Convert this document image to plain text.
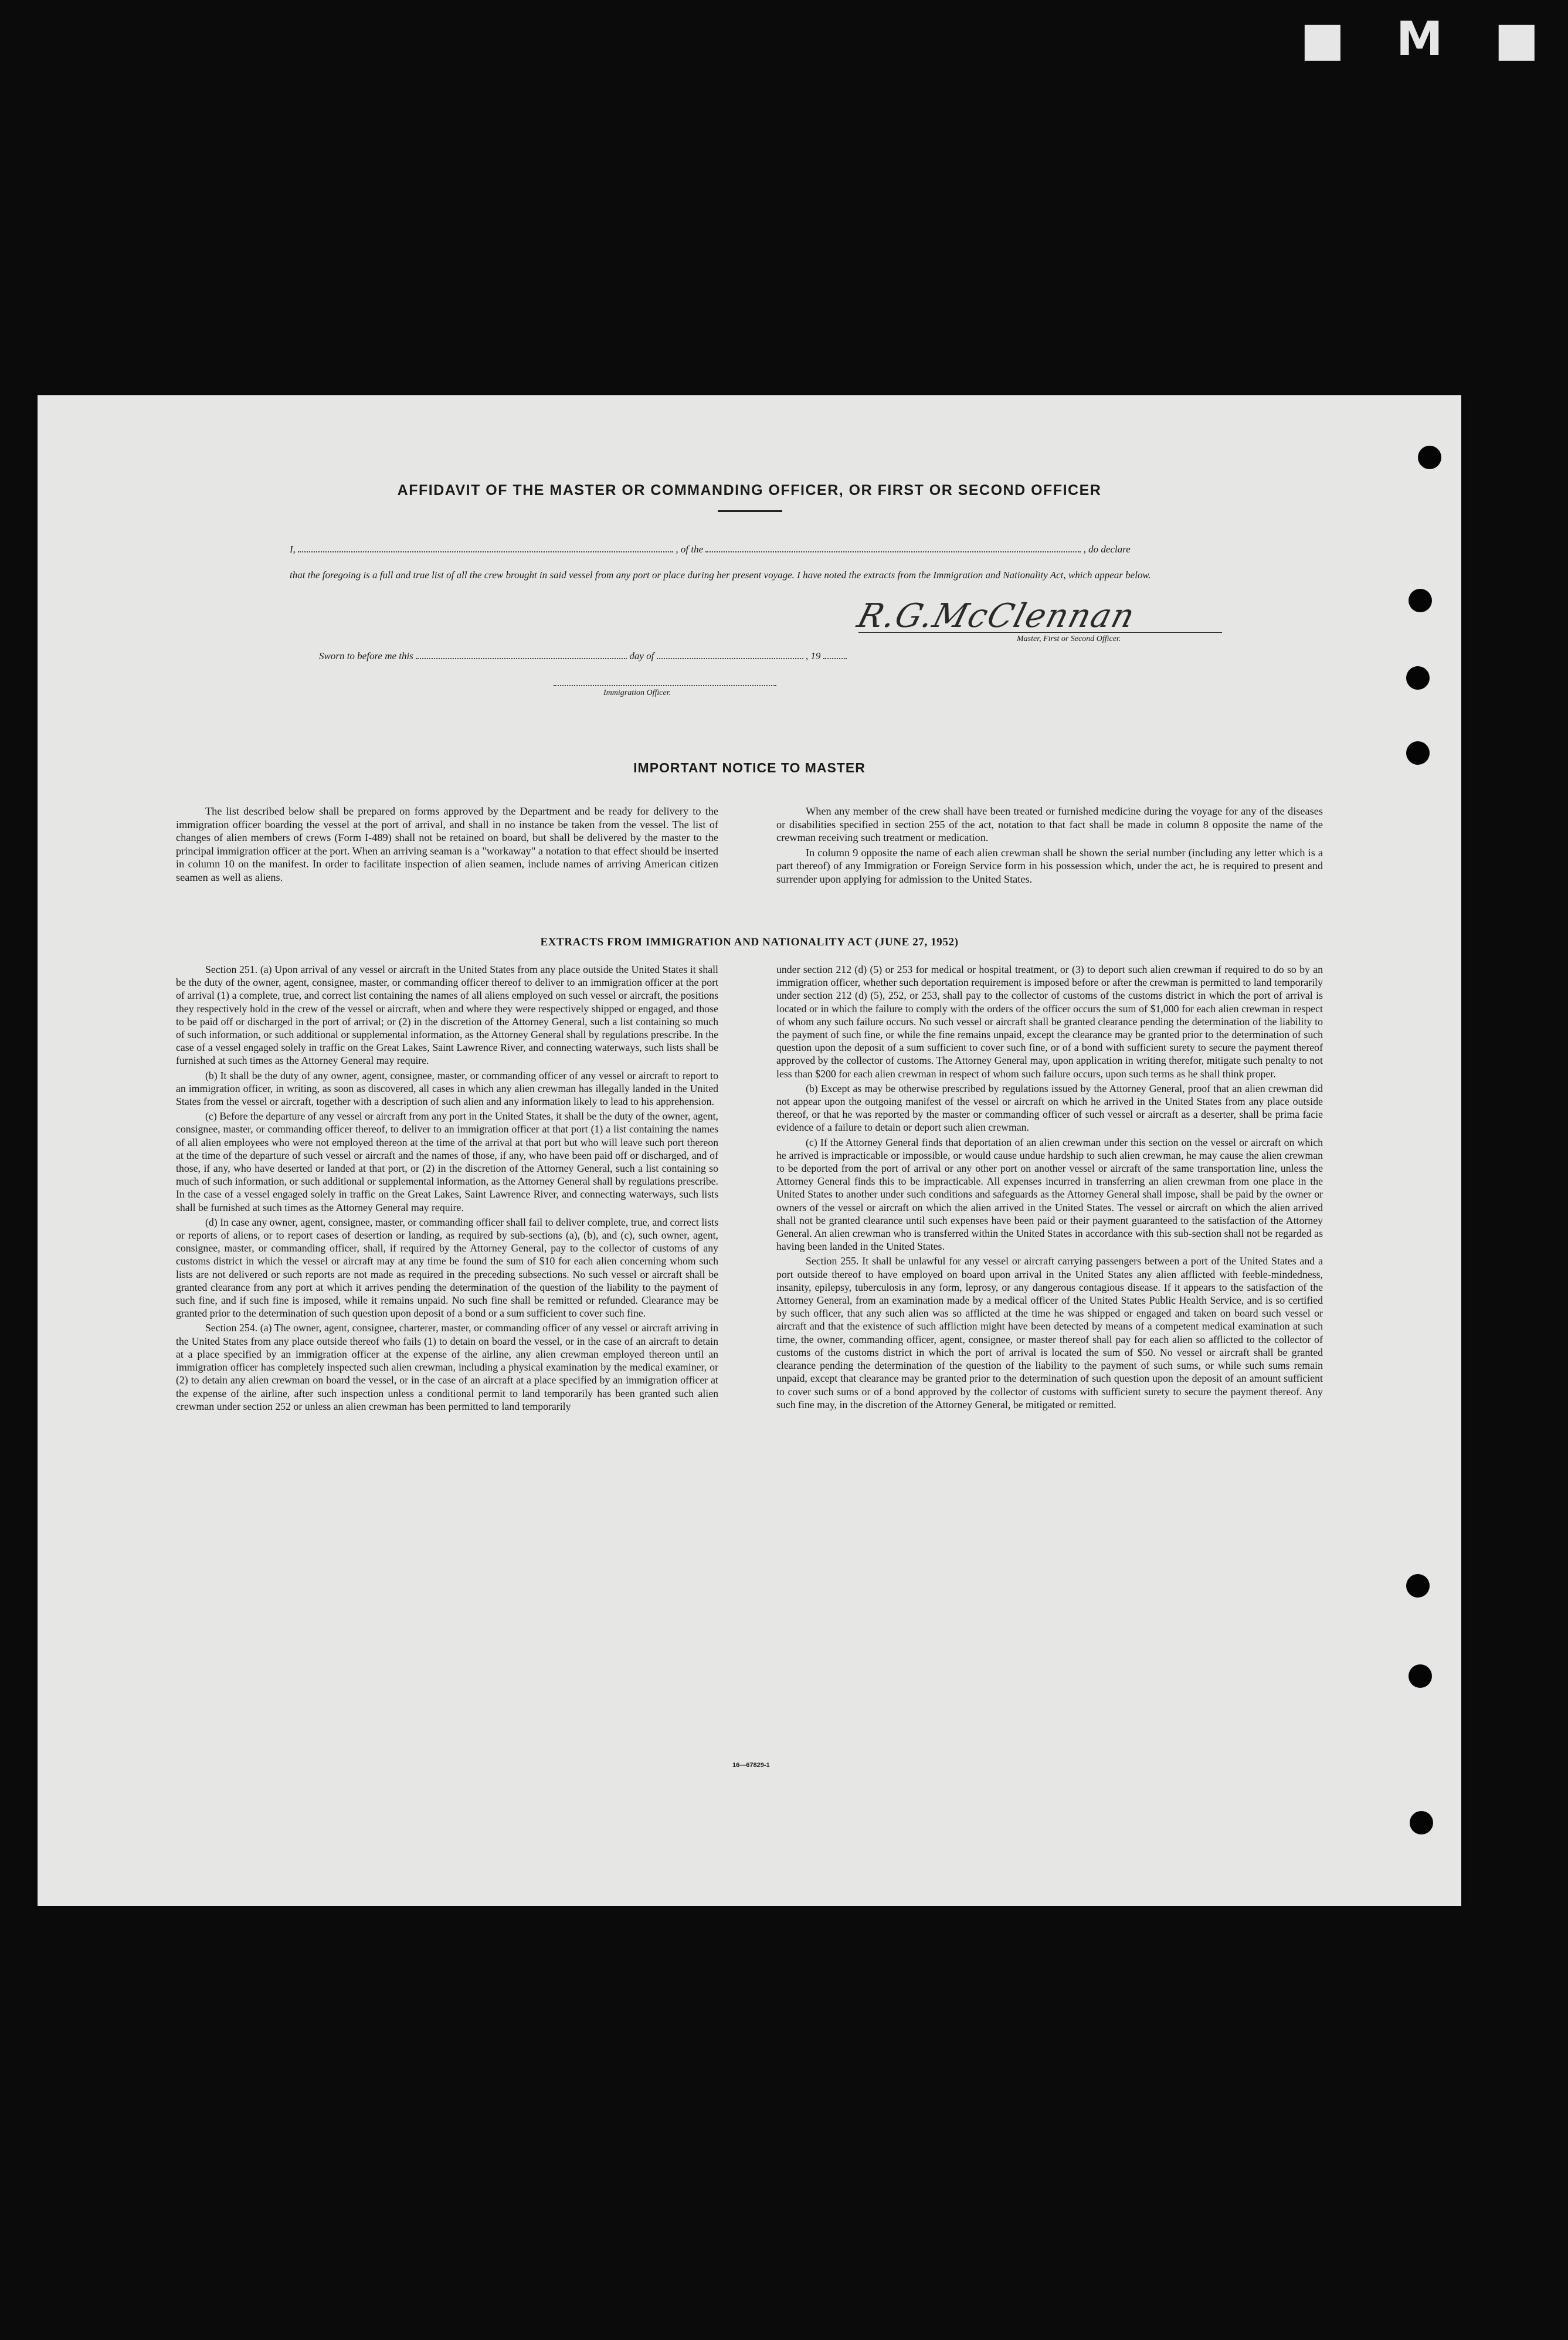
■ M ■
AFFIDAVIT OF THE MASTER OR COMMANDING OFFICER, OR FIRST OR SECOND OFFICER
I,	, of the	, do declare
that the foregoing is a full and true list of all the crew brought in said vessel from any port or place during her present voyage. I have noted the extracts from the Immigration and Nationality Act, which appear below.
R.G.McClennan
Master, First or Second Officer.
Sworn to before me this	day of	, 19
Immigration Officer.
IMPORTANT NOTICE TO MASTER

The list described below shall be prepared on forms approved by the Department and be ready for delivery to the immigration officer boarding the vessel at the port of arrival, and shall in no instance be taken from the vessel. The list of changes of alien members of crews (Form I-489) shall not be retained on board, but shall be delivered by the master to the principal immigration officer at the port. When an arriving seaman is a "workaway" a notation to that effect should be inserted in column 10 on the manifest. In order to facilitate inspection of alien seamen, include names of arriving American citizen seamen as well as aliens.

When any member of the crew shall have been treated or furnished medicine during the voyage for any of the diseases or disabilities specified in section 255 of the act, notation to that fact shall be made in column 8 opposite the name of the crewman receiving such treatment or medication.

In column 9 opposite the name of each alien crewman shall be shown the serial number (including any letter which is a part thereof) of any Immigration or Foreign Service form in his possession which, under the act, he is required to present and surrender upon applying for admission to the United States.

EXTRACTS FROM IMMIGRATION AND NATIONALITY ACT (JUNE 27, 1952)

Section 251. (a) Upon arrival of any vessel or aircraft in the United States from any place outside the United States it shall be the duty of the owner, agent, consignee, master, or commanding officer thereof to deliver to an immigration officer at the port of arrival (1) a complete, true, and correct list containing the names of all aliens employed on such vessel or aircraft, the positions they respectively hold in the crew of the vessel or aircraft, when and where they were respectively shipped or engaged, and those to be paid off or discharged in the port of arrival; or (2) in the discretion of the Attorney General, such a list containing so much of such information, or such additional or supplemental information, as the Attorney General shall by regulations prescribe. In the case of a vessel engaged solely in traffic on the Great Lakes, Saint Lawrence River, and connecting waterways, such lists shall be furnished at such times as the Attorney General may require.

(b) It shall be the duty of any owner, agent, consignee, master, or commanding officer of any vessel or aircraft to report to an immigration officer, in writing, as soon as discovered, all cases in which any alien crewman has illegally landed in the United States from the vessel or aircraft, together with a description of such alien and any information likely to lead to his apprehension.

(c) Before the departure of any vessel or aircraft from any port in the United States, it shall be the duty of the owner, agent, consignee, master, or commanding officer thereof, to deliver to an immigration officer at that port (1) a list containing the names of all alien employees who were not employed thereon at the time of the arrival at that port but who will leave such port thereon at the time of the departure of such vessel or aircraft and the names of those, if any, who have been paid off or discharged, and of those, if any, who have deserted or landed at that port, or (2) in the discretion of the Attorney General, such a list containing so much of such information, or such additional or supplemental information, as the Attorney General shall by regulations prescribe. In the case of a vessel engaged solely in traffic on the Great Lakes, Saint Lawrence River, and connecting waterways, such lists shall be furnished at such times as the Attorney General may require.

(d) In case any owner, agent, consignee, master, or commanding officer shall fail to deliver complete, true, and correct lists or reports of aliens, or to report cases of desertion or landing, as required by sub-sections (a), (b), and (c), such owner, agent, consignee, master, or commanding officer, shall, if required by the Attorney General, pay to the collector of customs of any customs district in which the vessel or aircraft may at any time be found the sum of $10 for each alien concerning whom such lists are not delivered or such reports are not made as required in the preceding subsections. No such vessel or aircraft shall be granted clearance from any port at which it arrives pending the determination of the question of the liability to the payment of such fine, and if such fine is imposed, while it remains unpaid. No such fine shall be remitted or refunded. Clearance may be granted prior to the determination of such question upon deposit of a bond or a sum sufficient to cover such fine.

Section 254. (a) The owner, agent, consignee, charterer, master, or commanding officer of any vessel or aircraft arriving in the United States from any place outside thereof who fails (1) to detain on board the vessel, or in the case of an aircraft to detain at a place specified by an immigration officer at the expense of the airline, any alien crewman employed thereon until an immigration officer has completely inspected such alien crewman, including a physical examination by the medical examiner, or (2) to detain any alien crewman on board the vessel, or in the case of an aircraft at a place specified by an immigration officer at the expense of the airline, after such inspection unless a conditional permit to land temporarily has been granted such alien crewman under section 252 or unless an alien crewman has been permitted to land temporarily

under section 212 (d) (5) or 253 for medical or hospital treatment, or (3) to deport such alien crewman if required to do so by an immigration officer, whether such deportation requirement is imposed before or after the crewman is permitted to land temporarily under section 212 (d) (5), 252, or 253, shall pay to the collector of customs of the customs district in which the port of arrival is located or in which the failure to comply with the orders of the officer occurs the sum of $1,000 for each alien crewman in respect of whom any such failure occurs. No such vessel or aircraft shall be granted clearance pending the determination of the liability to the payment of such fine, or while the fine remains unpaid, except the clearance may be granted prior to the determination of such question upon the deposit of a sum sufficient to cover such fine, or of a bond with sufficient surety to secure the payment thereof approved by the collector of customs. The Attorney General may, upon application in writing therefor, mitigate such penalty to not less than $200 for each alien crewman in respect of whom such failure occurs, upon such terms as he shall think proper.

(b) Except as may be otherwise prescribed by regulations issued by the Attorney General, proof that an alien crewman did not appear upon the outgoing manifest of the vessel or aircraft on which he arrived in the United States from any place outside thereof, or that he was reported by the master or commanding officer of such vessel or aircraft as a deserter, shall be prima facie evidence of a failure to detain or deport such alien crewman.

(c) If the Attorney General finds that deportation of an alien crewman under this section on the vessel or aircraft on which he arrived is impracticable or impossible, or would cause undue hardship to such alien crewman, he may cause the alien crewman to be deported from the port of arrival or any other port on another vessel or aircraft of the same transportation line, unless the Attorney General finds this to be impracticable. All expenses incurred in transferring an alien crewman from one place in the United States to another under such conditions and safeguards as the Attorney General shall impose, shall be paid by the owner or owners of the vessel or aircraft on which the alien arrived in the United States. The vessel or aircraft on which the alien arrived shall not be granted clearance until such expenses have been paid or their payment guaranteed to the satisfaction of the Attorney General. An alien crewman who is transferred within the United States in accordance with this sub-section shall not be regarded as having been landed in the United States.

Section 255. It shall be unlawful for any vessel or aircraft carrying passengers between a port of the United States and a port outside thereof to have employed on board upon arrival in the United States any alien afflicted with feeble-mindedness, insanity, epilepsy, tuberculosis in any form, leprosy, or any dangerous contagious disease. If it appears to the satisfaction of the Attorney General, from an examination made by a medical officer of the United States Public Health Service, and is so certified by such officer, that any such alien was so afflicted at the time he was shipped or engaged and taken on board such vessel or aircraft and that the existence of such affliction might have been detected by means of a competent medical examination at such time, the owner, commanding officer, agent, consignee, or master thereof shall pay for each alien so afflicted to the collector of customs of the customs district in which the port of arrival is located the sum of $50. No vessel or aircraft shall be granted clearance pending the determination of the question of the liability to the payment of such sums, or while such sums remain unpaid, except that clearance may be granted prior to the determination of such question upon the deposit of an amount sufficient to cover such sums or of a bond approved by the collector of customs with sufficient surety to secure the payment thereof. Any such fine may, in the discretion of the Attorney General, be mitigated or remitted.

16—67829-1
